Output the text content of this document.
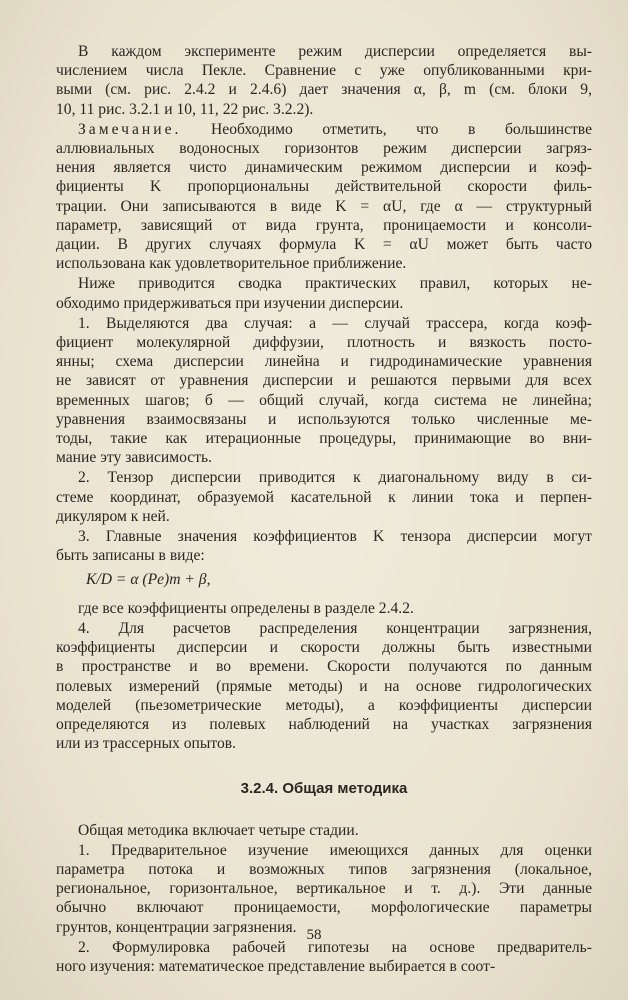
В каждом эксперименте режим дисперсии определяется вы-
числением числа Пекле. Сравнение с уже опубликованными кри-
выми (см. рис. 2.4.2 и 2.4.6) дает значения α, β, m (см. блоки 9,
10, 11 рис. 3.2.1 и 10, 11, 22 рис. 3.2.2).

Замечание. Необходимо отметить, что в большинстве
аллювиальных водоносных горизонтов режим дисперсии загряз-
нения является чисто динамическим режимом дисперсии и коэф-
фициенты K пропорциональны действительной скорости филь-
трации. Они записываются в виде K = αU, где α — структурный
параметр, зависящий от вида грунта, проницаемости и консоли-
дации. В других случаях формула K = αU может быть часто
использована как удовлетворительное приближение.

Ниже приводится сводка практических правил, которых не-
обходимо придерживаться при изучении дисперсии.

1. Выделяются два случая: а — случай трассера, когда коэф-
фициент молекулярной диффузии, плотность и вязкость посто-
янны; схема дисперсии линейна и гидродинамические уравнения
не зависят от уравнения дисперсии и решаются первыми для всех
временных шагов; б — общий случай, когда система не линейна;
уравнения взаимосвязаны и используются только численные ме-
тоды, такие как итерационные процедуры, принимающие во вни-
мание эту зависимость.

2. Тензор дисперсии приводится к диагональному виду в си-
стеме координат, образуемой касательной к линии тока и перпен-
дикуляром к ней.

3. Главные значения коэффициентов K тензора дисперсии могут
быть записаны в виде:

K/D = α (Pe)m + β,

где все коэффициенты определены в разделе 2.4.2.

4. Для расчетов распределения концентрации загрязнения,
коэффициенты дисперсии и скорости должны быть известными
в пространстве и во времени. Скорости получаются по данным
полевых измерений (прямые методы) и на основе гидрологических
моделей (пьезометрические методы), а коэффициенты дисперсии
определяются из полевых наблюдений на участках загрязнения
или из трассерных опытов.

3.2.4. Общая методика

Общая методика включает четыре стадии.

1. Предварительное изучение имеющихся данных для оценки
параметра потока и возможных типов загрязнения (локальное,
региональное, горизонтальное, вертикальное и т. д.). Эти данные
обычно включают проницаемости, морфологические параметры
грунтов, концентрации загрязнения.

2. Формулировка рабочей гипотезы на основе предваритель-
ного изучения: математическое представление выбирается в соот-

58
